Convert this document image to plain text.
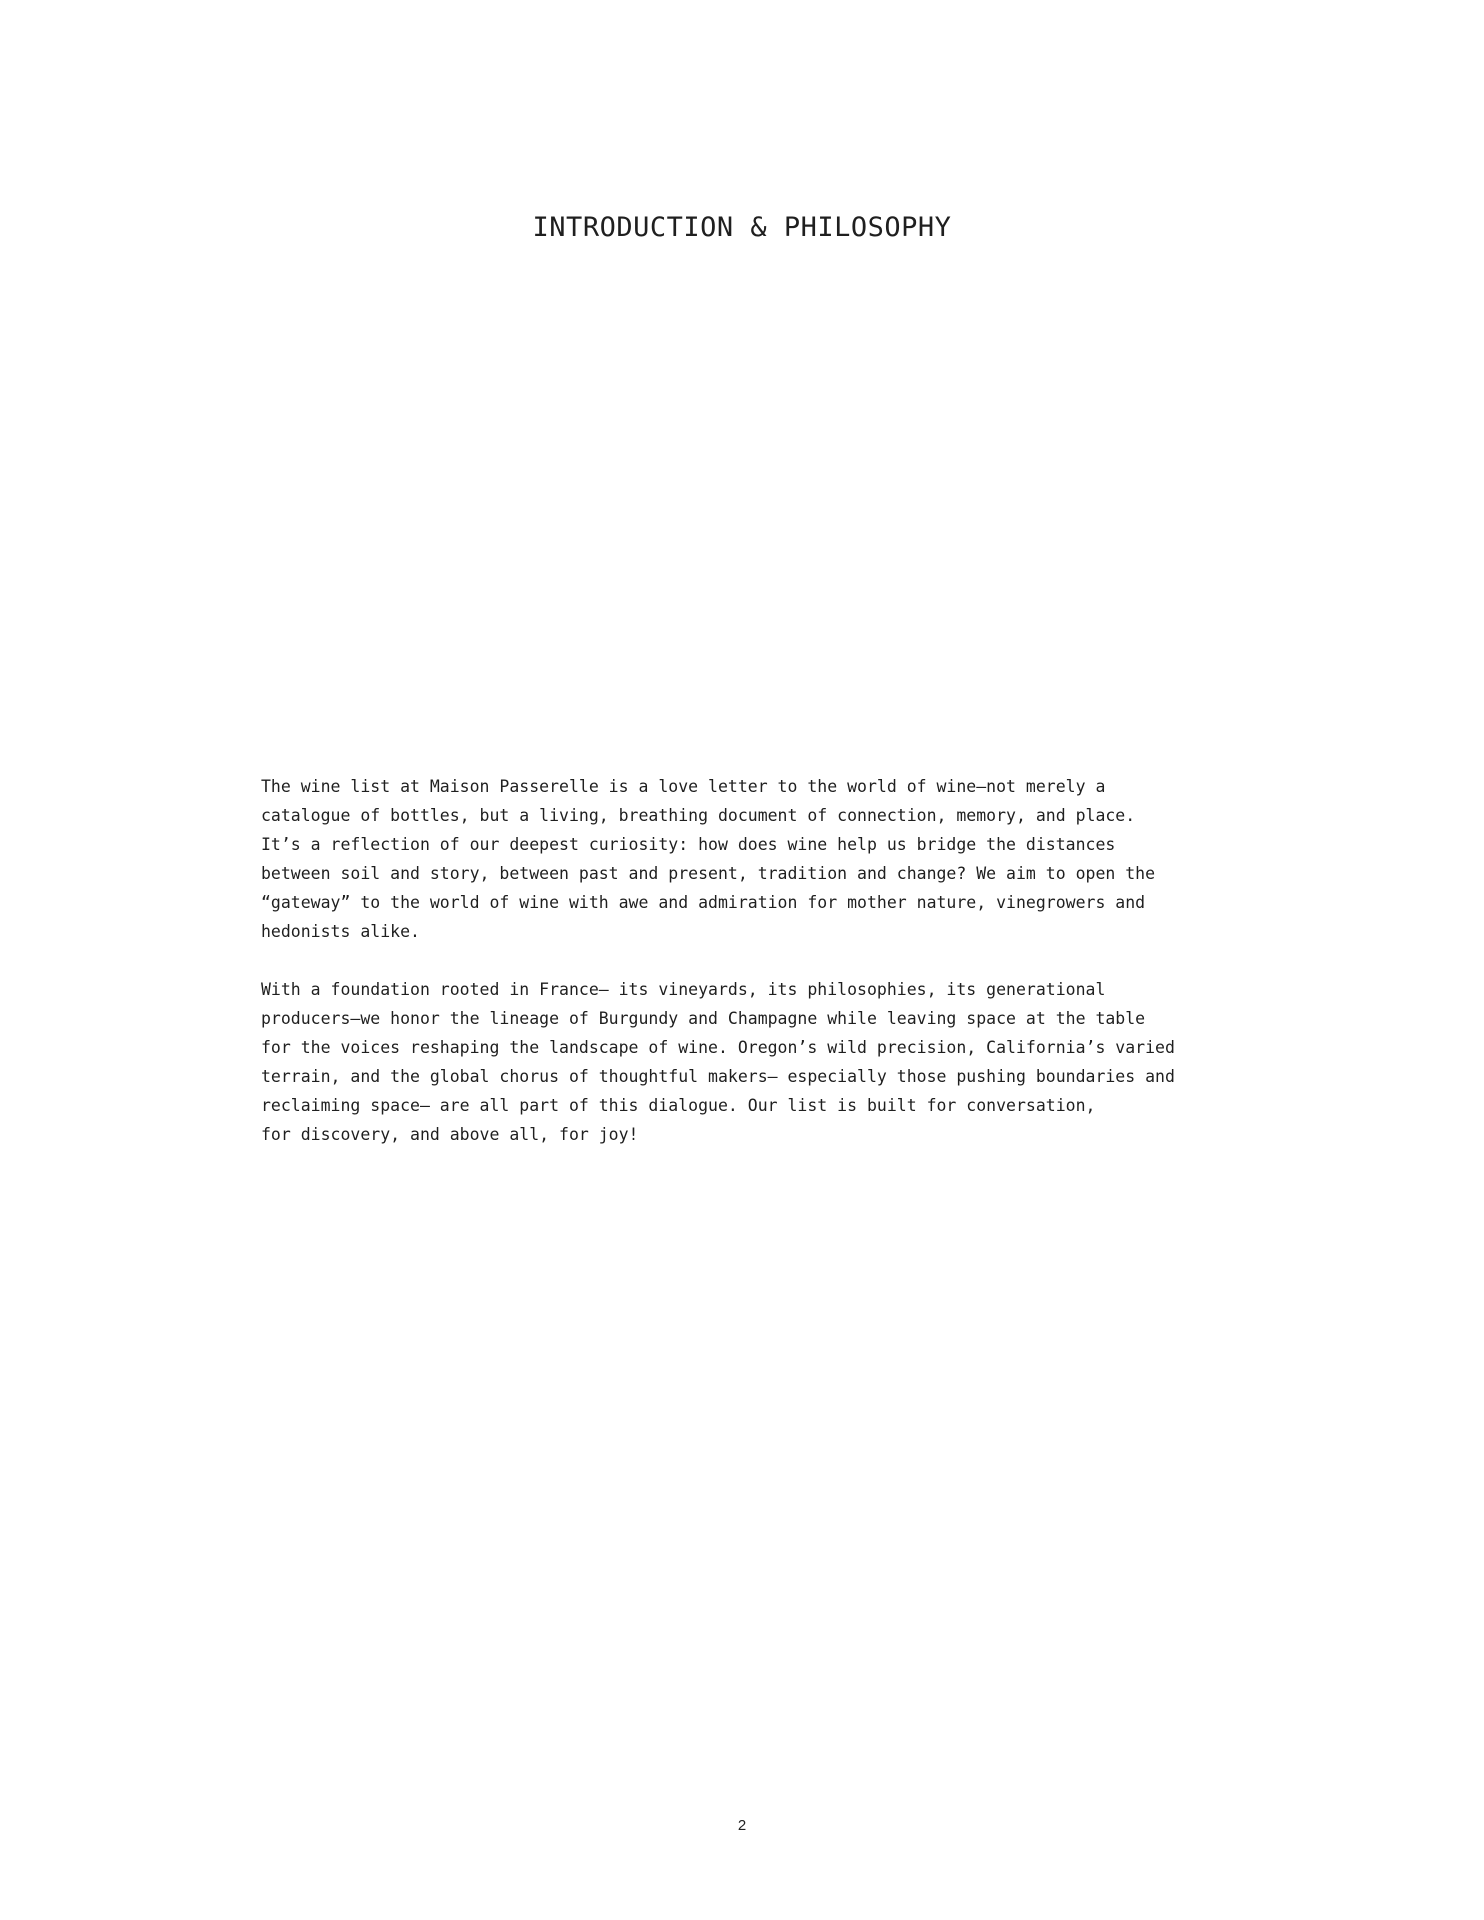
INTRODUCTION & PHILOSOPHY

The wine list at Maison Passerelle is a love letter to the world of wine—not merely a
catalogue of bottles, but a living, breathing document of connection, memory, and place.
It’s a reflection of our deepest curiosity: how does wine help us bridge the distances
between soil and story, between past and present, tradition and change? We aim to open the
“gateway” to the world of wine with awe and admiration for mother nature, vinegrowers and
hedonists alike.

With a foundation rooted in France— its vineyards, its philosophies, its generational
producers—we honor the lineage of Burgundy and Champagne while leaving space at the table
for the voices reshaping the landscape of wine. Oregon’s wild precision, California’s varied
terrain, and the global chorus of thoughtful makers— especially those pushing boundaries and
reclaiming space— are all part of this dialogue. Our list is built for conversation,
for discovery, and above all, for joy!

2
